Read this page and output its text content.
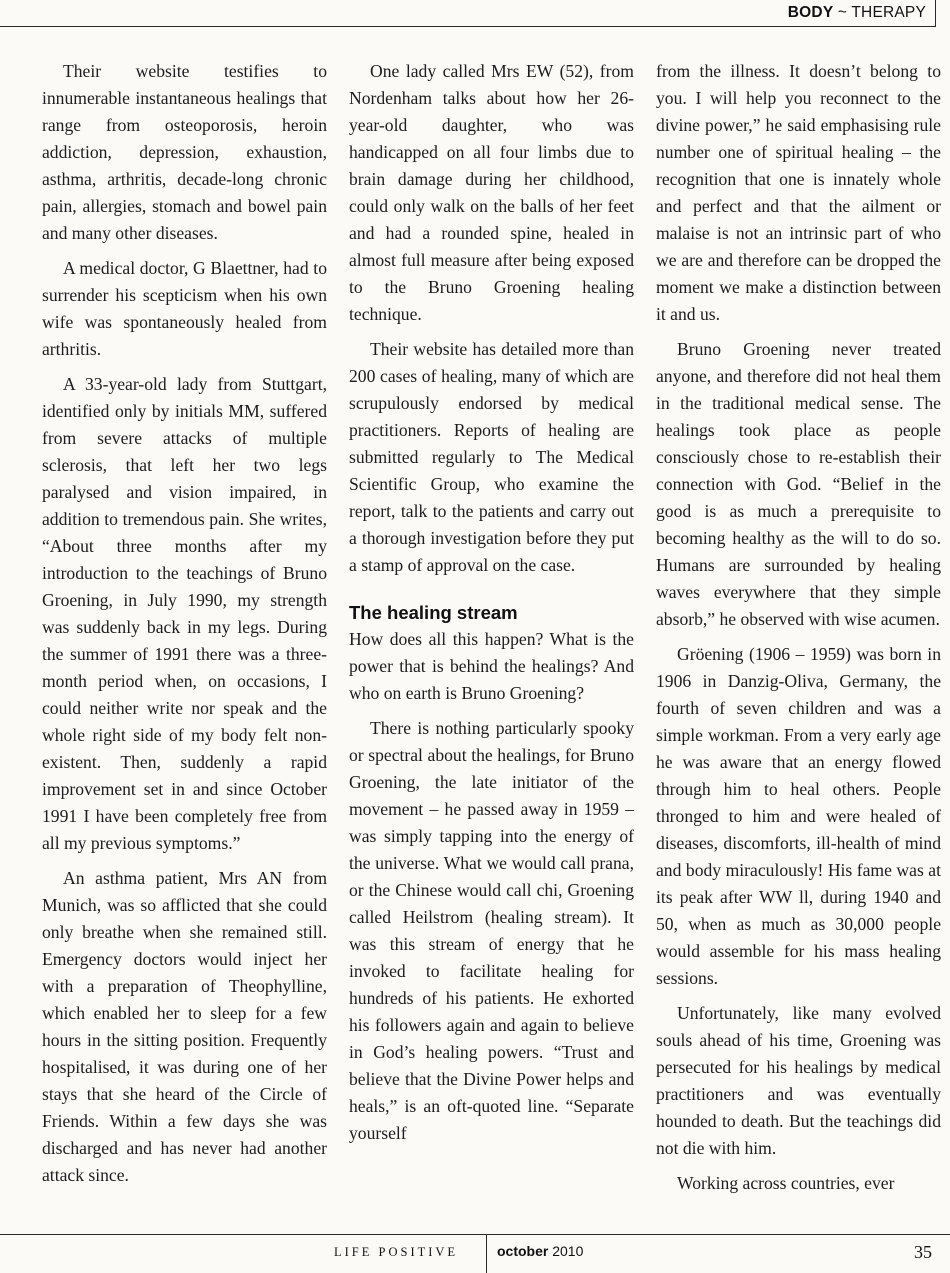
BODY ~ THERAPY

Their website testifies to innumerable instantaneous healings that range from osteoporosis, heroin addiction, depression, exhaustion, asthma, arthritis, decade-long chronic pain, allergies, stomach and bowel pain and many other diseases.

A medical doctor, G Blaettner, had to surrender his scepticism when his own wife was spontaneously healed from arthritis.

A 33-year-old lady from Stuttgart, identified only by initials MM, suffered from severe attacks of multiple sclerosis, that left her two legs paralysed and vision impaired, in addition to tremendous pain. She writes, “About three months after my introduction to the teachings of Bruno Groening, in July 1990, my strength was suddenly back in my legs. During the summer of 1991 there was a three-month period when, on occasions, I could neither write nor speak and the whole right side of my body felt non-existent. Then, suddenly a rapid improvement set in and since October 1991 I have been completely free from all my previous symptoms.”

An asthma patient, Mrs AN from Munich, was so afflicted that she could only breathe when she remained still. Emergency doctors would inject her with a preparation of Theophylline, which enabled her to sleep for a few hours in the sitting position. Frequently hospitalised, it was during one of her stays that she heard of the Circle of Friends. Within a few days she was discharged and has never had another attack since.

One lady called Mrs EW (52), from Nordenham talks about how her 26-year-old daughter, who was handicapped on all four limbs due to brain damage during her childhood, could only walk on the balls of her feet and had a rounded spine, healed in almost full measure after being exposed to the Bruno Groening healing technique.

Their website has detailed more than 200 cases of healing, many of which are scrupulously endorsed by medical practitioners. Reports of healing are submitted regularly to The Medical Scientific Group, who examine the report, talk to the patients and carry out a thorough investigation before they put a stamp of approval on the case.

The healing stream

How does all this happen? What is the power that is behind the healings? And who on earth is Bruno Groening?

There is nothing particularly spooky or spectral about the healings, for Bruno Groening, the late initiator of the movement – he passed away in 1959 – was simply tapping into the energy of the universe. What we would call prana, or the Chinese would call chi, Groening called Heilstrom (healing stream). It was this stream of energy that he invoked to facilitate healing for hundreds of his patients. He exhorted his followers again and again to believe in God’s healing powers. “Trust and believe that the Divine Power helps and heals,” is an oft-quoted line. “Separate yourself

from the illness. It doesn’t belong to you. I will help you reconnect to the divine power,” he said emphasising rule number one of spiritual healing – the recognition that one is innately whole and perfect and that the ailment or malaise is not an intrinsic part of who we are and therefore can be dropped the moment we make a distinction between it and us.

Bruno Groening never treated anyone, and therefore did not heal them in the traditional medical sense. The healings took place as people consciously chose to re-establish their connection with God. “Belief in the good is as much a prerequisite to becoming healthy as the will to do so. Humans are surrounded by healing waves everywhere that they simple absorb,” he observed with wise acumen.

Gröening (1906 – 1959) was born in 1906 in Danzig-Oliva, Germany, the fourth of seven children and was a simple workman. From a very early age he was aware that an energy flowed through him to heal others. People thronged to him and were healed of diseases, discomforts, ill-health of mind and body miraculously! His fame was at its peak after WW ll, during 1940 and 50, when as much as 30,000 people would assemble for his mass healing sessions.

Unfortunately, like many evolved souls ahead of his time, Groening was persecuted for his healings by medical practitioners and was eventually hounded to death. But the teachings did not die with him.

Working across countries, ever

LIFE POSITIVE	october 2010	35
